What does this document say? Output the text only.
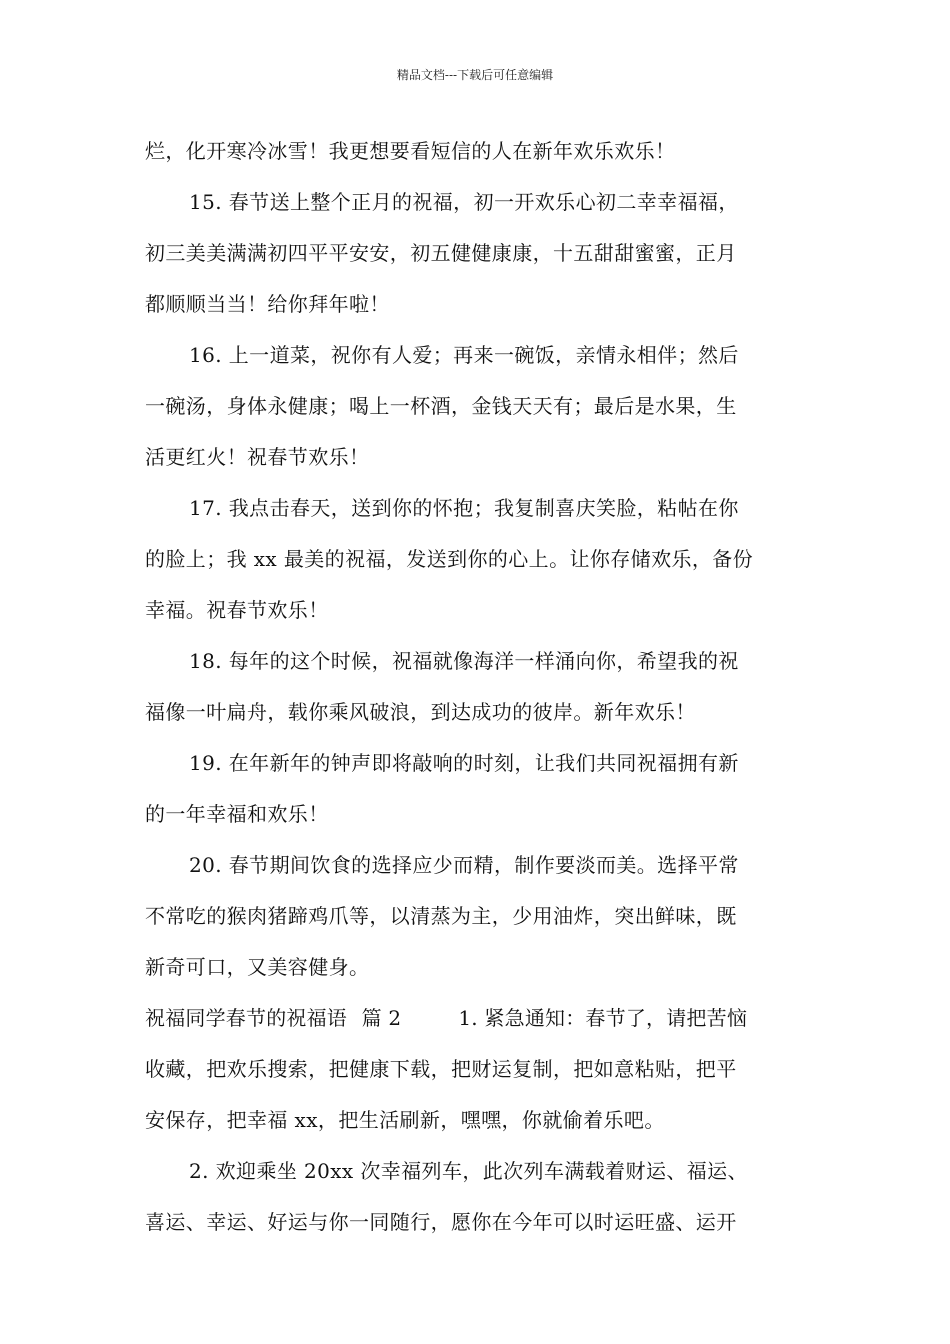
精品文档---下载后可任意编辑
烂，化开寒冷冰雪！我更想要看短信的人在新年欢乐欢乐！
15. 春节送上整个正月的祝福，初一开欢乐心初二幸幸福福，
初三美美满满初四平平安安，初五健健康康，十五甜甜蜜蜜，正月
都顺顺当当！给你拜年啦！
16. 上一道菜，祝你有人爱；再来一碗饭，亲情永相伴；然后
一碗汤，身体永健康；喝上一杯酒，金钱天天有；最后是水果，生
活更红火！祝春节欢乐！
17. 我点击春天，送到你的怀抱；我复制喜庆笑脸，粘帖在你
的脸上；我 xx 最美的祝福，发送到你的心上。让你存储欢乐，备份
幸福。祝春节欢乐！
18. 每年的这个时候，祝福就像海洋一样涌向你，希望我的祝
福像一叶扁舟，载你乘风破浪，到达成功的彼岸。新年欢乐！
19. 在年新年的钟声即将敲响的时刻，让我们共同祝福拥有新
的一年幸福和欢乐！
20. 春节期间饮食的选择应少而精，制作要淡而美。选择平常
不常吃的猴肉猪蹄鸡爪等，以清蒸为主，少用油炸，突出鲜味，既
新奇可口，又美容健身。
祝福同学春节的祝福语 篇 2	1. 紧急通知：春节了，请把苦恼
收藏，把欢乐搜索，把健康下载，把财运复制，把如意粘贴，把平
安保存，把幸福 xx，把生活刷新，嘿嘿，你就偷着乐吧。
2. 欢迎乘坐 20xx 次幸福列车，此次列车满载着财运、福运、
喜运、幸运、好运与你一同随行，愿你在今年可以时运旺盛、运开
